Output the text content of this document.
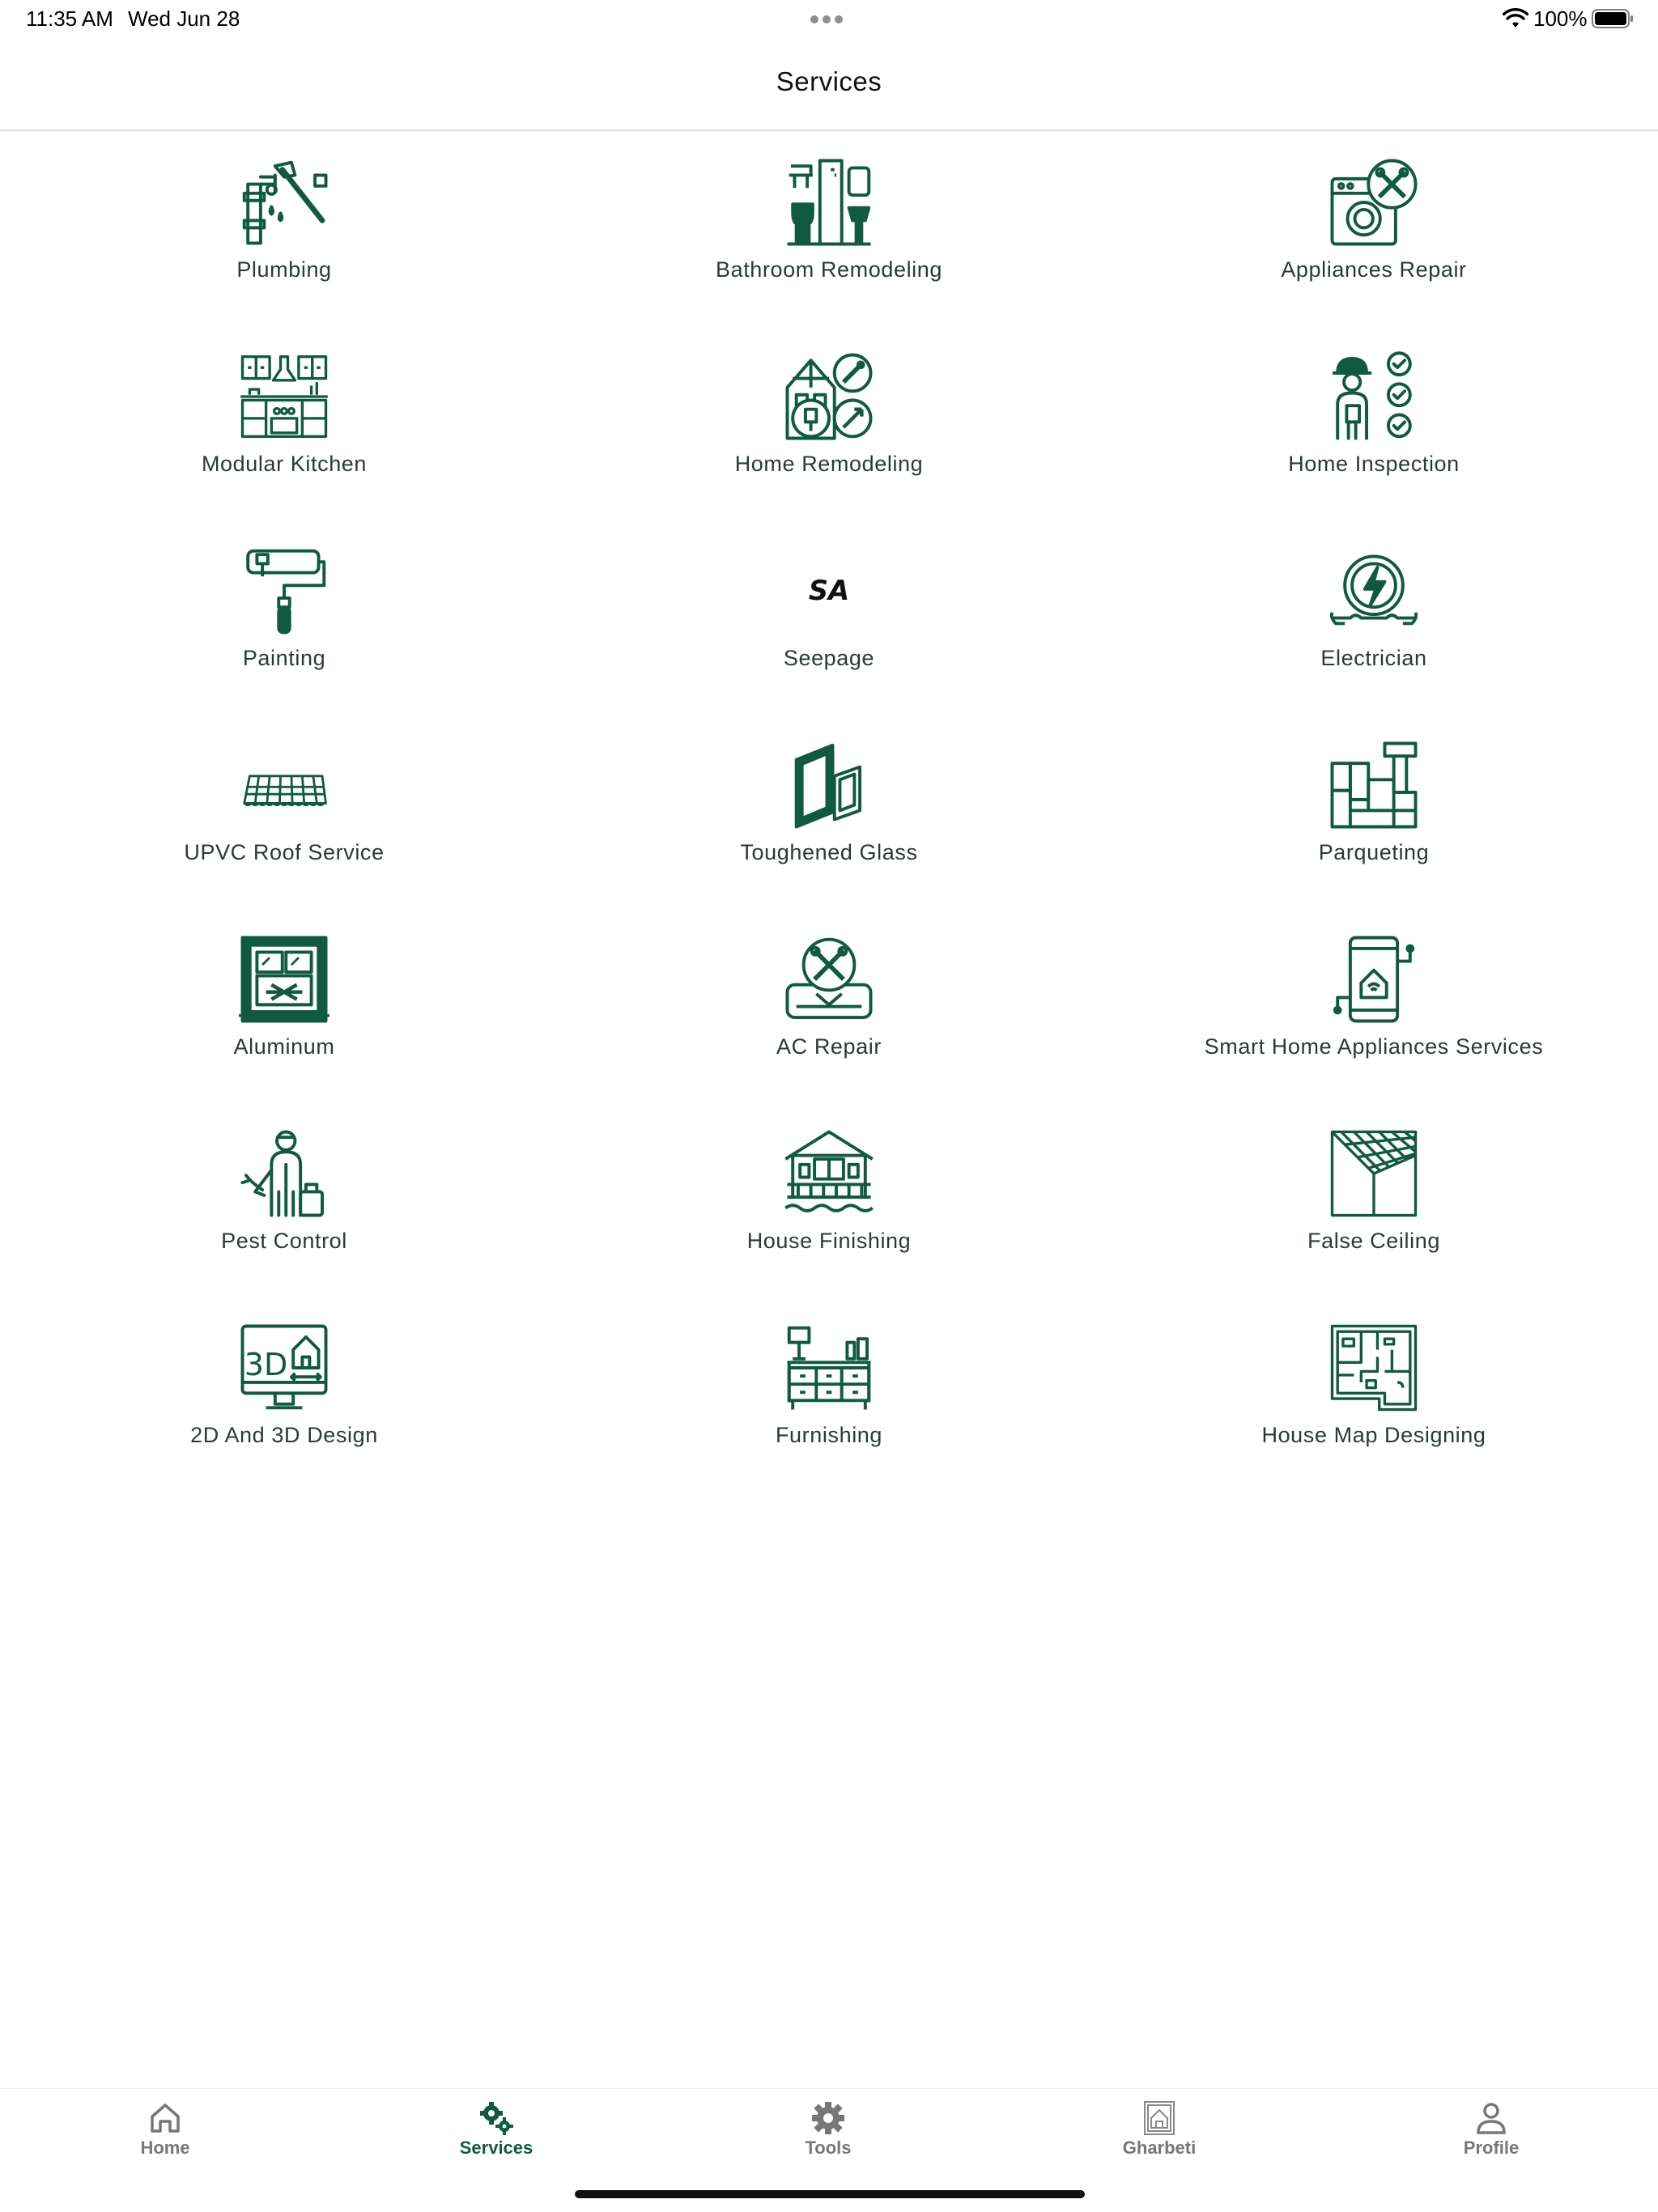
11:35 AM Wed Jun 28	100%
Services
Plumbing	Bathroom Remodeling	Appliances Repair
Modular Kitchen	Home Remodeling	Home Inspection
Painting
SA
Seepage	Electrician
UPVC Roof Service	Toughened Glass	Parqueting
Aluminum	AC Repair	Smart Home Appliances Services
Pest Control	House Finishing	False Ceiling
3D
2D And 3D Design	Furnishing	House Map Designing
Home	Services	Tools	Gharbeti	Profile
